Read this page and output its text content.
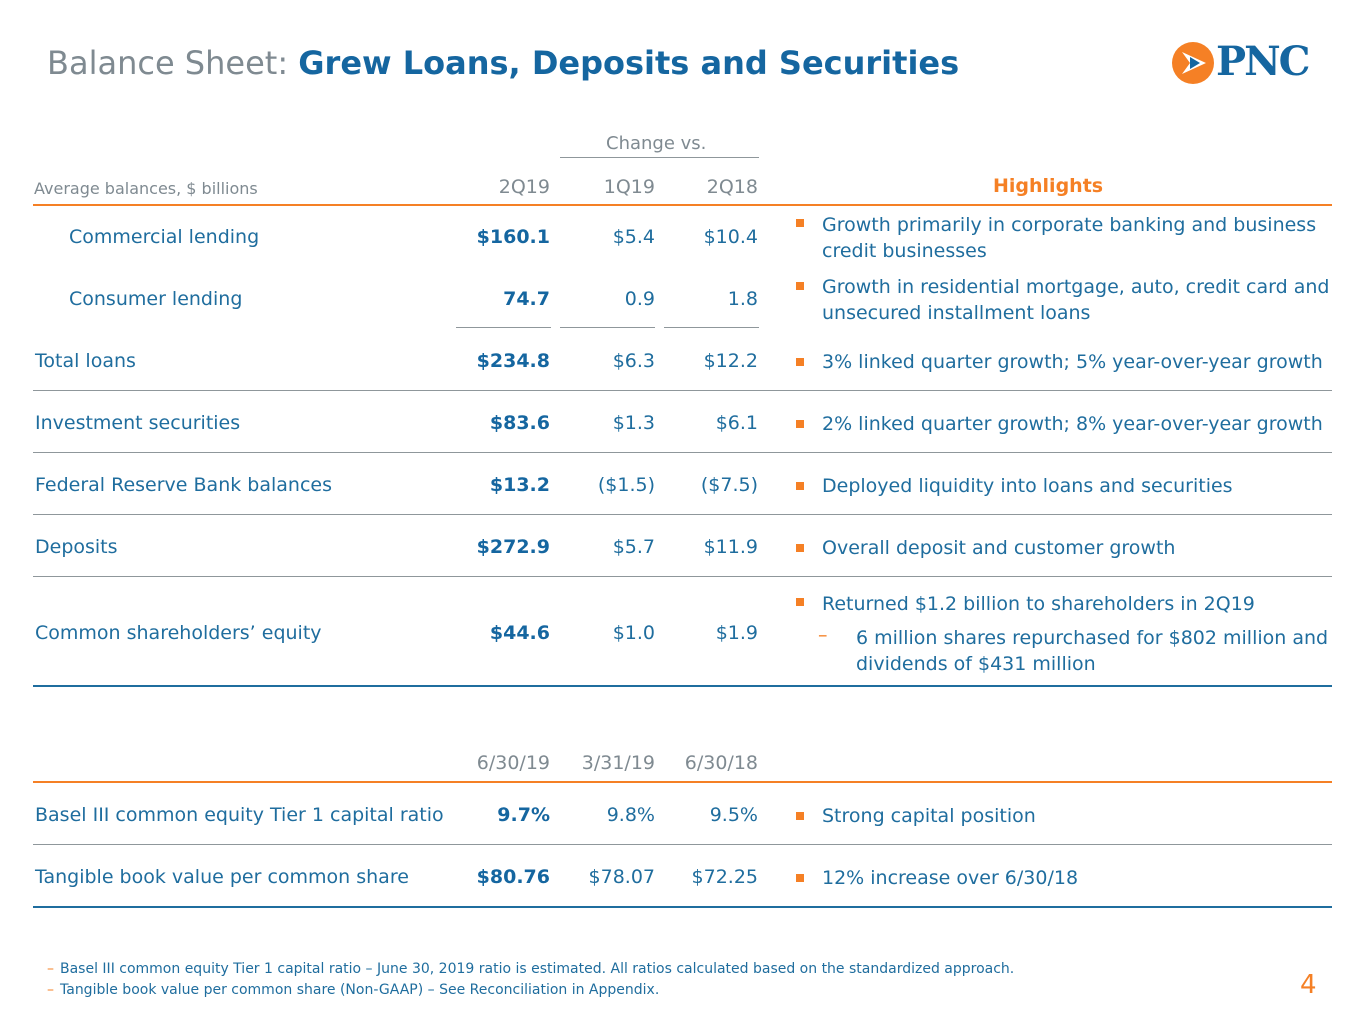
Balance Sheet: Grew Loans, Deposits and Securities	PNC
Change vs.
Average balances, $ billions	2Q19	1Q19	2Q18	Highlights
Commercial lending	$160.1	$5.4	$10.4
Growth primarily in corporate banking and business credit businesses
Consumer lending	74.7	0.9	1.8
Growth in residential mortgage, auto, credit card and unsecured installment loans
Total loans	$234.8	$6.3	$12.2	3% linked quarter growth; 5% year-over-year growth
Investment securities	$83.6	$1.3	$6.1	2% linked quarter growth; 8% year-over-year growth
Federal Reserve Bank balances	$13.2	($1.5)	($7.5)	Deployed liquidity into loans and securities
Deposits	$272.9	$5.7	$11.9	Overall deposit and customer growth
Common shareholders’ equity	$44.6	$1.0	$1.9
Returned $1.2 billion to shareholders in 2Q19
– 6 million shares repurchased for $802 million and dividends of $431 million
6/30/19	3/31/19	6/30/18
Basel III common equity Tier 1 capital ratio	9.7%	9.8%	9.5%	Strong capital position
Tangible book value per common share	$80.76	$78.07	$72.25	12% increase over 6/30/18
– Basel III common equity Tier 1 capital ratio – June 30, 2019 ratio is estimated. All ratios calculated based on the standardized approach.
– Tangible book value per common share (Non-GAAP) – See Reconciliation in Appendix.	4
